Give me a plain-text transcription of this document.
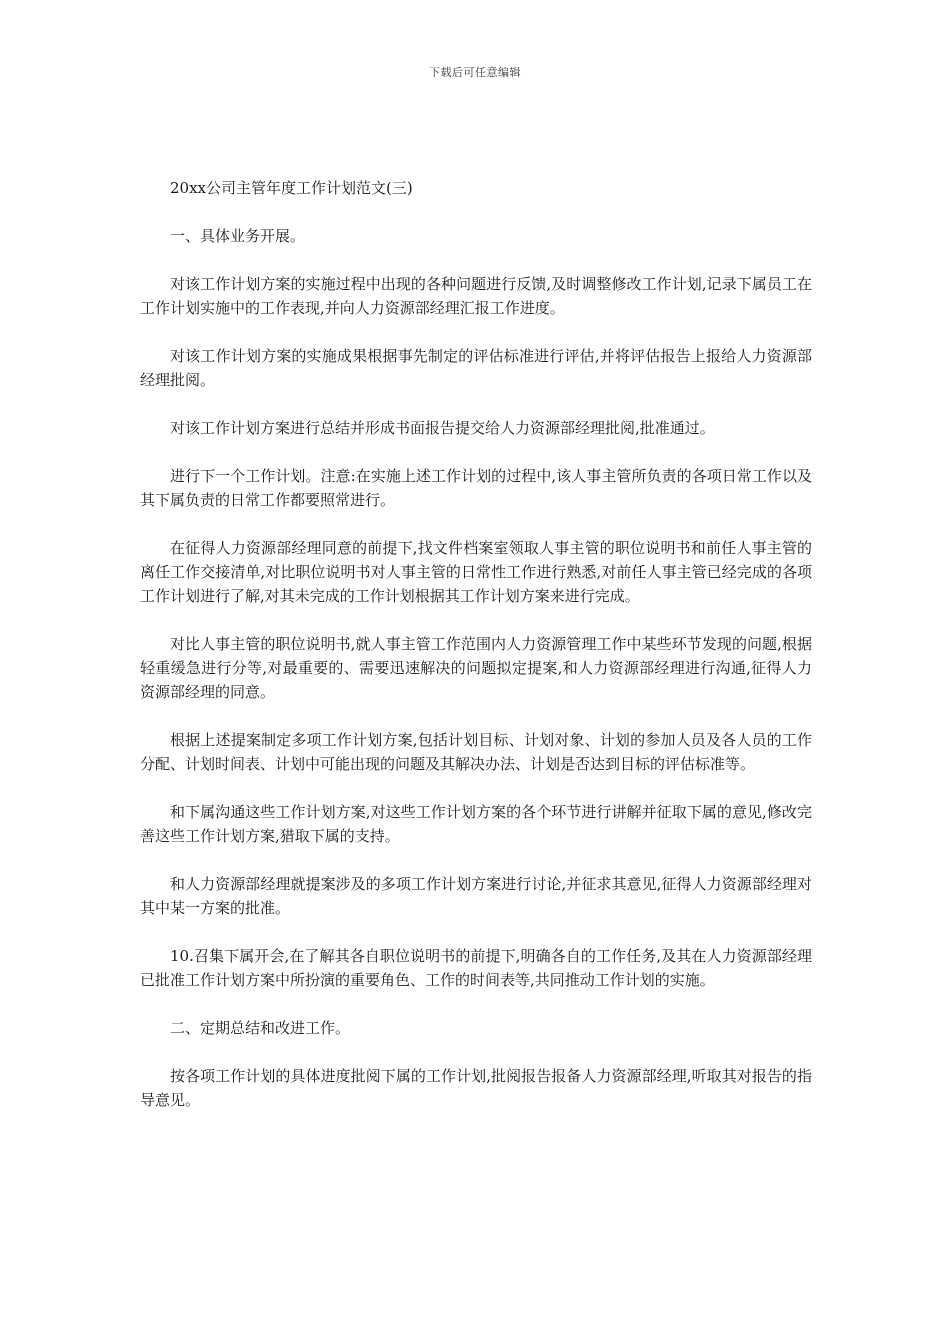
下载后可任意编辑

20xx公司主管年度工作计划范文(三)

一、具体业务开展。

对该工作计划方案的实施过程中出现的各种问题进行反馈,及时调整修改工作计划,记录下属员工在工作计划实施中的工作表现,并向人力资源部经理汇报工作进度。

对该工作计划方案的实施成果根据事先制定的评估标准进行评估,并将评估报告上报给人力资源部经理批阅。

对该工作计划方案进行总结并形成书面报告提交给人力资源部经理批阅,批准通过。

进行下一个工作计划。注意:在实施上述工作计划的过程中,该人事主管所负责的各项日常工作以及其下属负责的日常工作都要照常进行。

在征得人力资源部经理同意的前提下,找文件档案室领取人事主管的职位说明书和前任人事主管的离任工作交接清单,对比职位说明书对人事主管的日常性工作进行熟悉,对前任人事主管已经完成的各项工作计划进行了解,对其未完成的工作计划根据其工作计划方案来进行完成。

对比人事主管的职位说明书,就人事主管工作范围内人力资源管理工作中某些环节发现的问题,根据轻重缓急进行分等,对最重要的、需要迅速解决的问题拟定提案,和人力资源部经理进行沟通,征得人力资源部经理的同意。

根据上述提案制定多项工作计划方案,包括计划目标、计划对象、计划的参加人员及各人员的工作分配、计划时间表、计划中可能出现的问题及其解决办法、计划是否达到目标的评估标准等。

和下属沟通这些工作计划方案,对这些工作计划方案的各个环节进行讲解并征取下属的意见,修改完善这些工作计划方案,猎取下属的支持。

和人力资源部经理就提案涉及的多项工作计划方案进行讨论,并征求其意见,征得人力资源部经理对其中某一方案的批准。

10.召集下属开会,在了解其各自职位说明书的前提下,明确各自的工作任务,及其在人力资源部经理已批准工作计划方案中所扮演的重要角色、工作的时间表等,共同推动工作计划的实施。

二、定期总结和改进工作。

按各项工作计划的具体进度批阅下属的工作计划,批阅报告报备人力资源部经理,听取其对报告的指导意见。
